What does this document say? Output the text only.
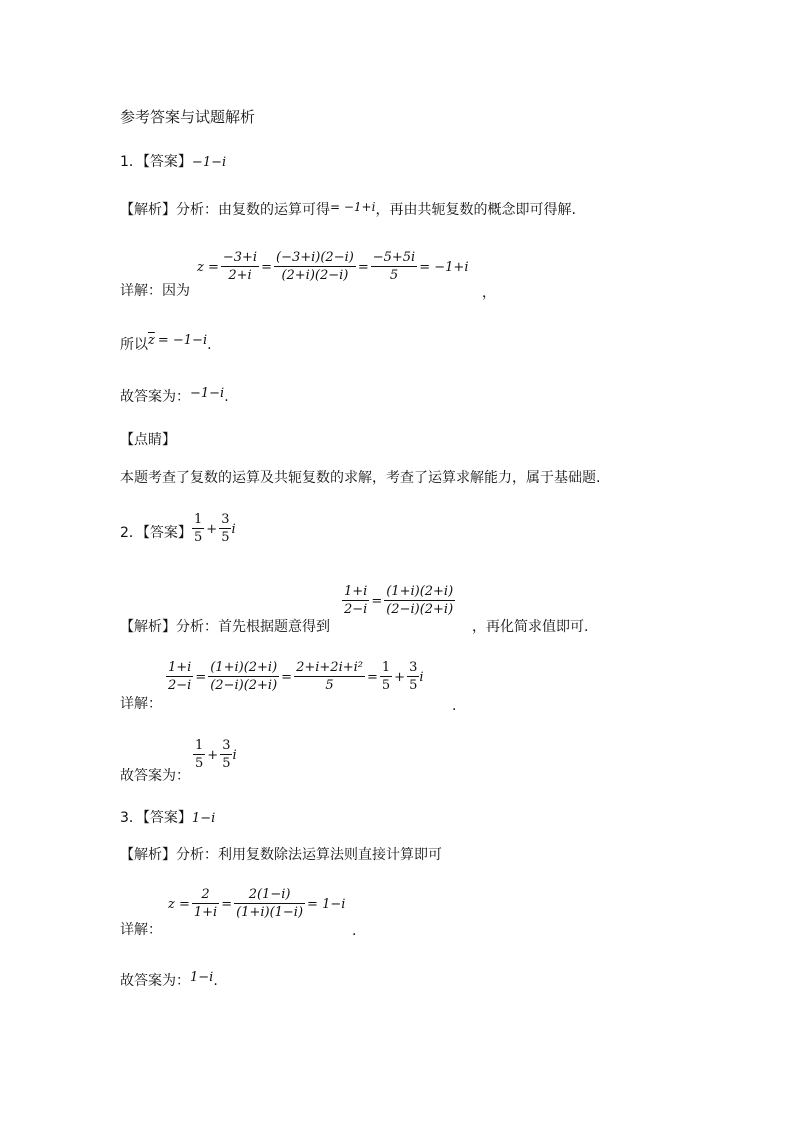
参考答案与试题解析
1．【答案】−1−i
【解析】分析：由复数的运算可得= −1+i，再由共轭复数的概念即可得解.
详解：因为
$z = \frac{-3+i}{2+i} = \frac{(-3+i)(2-i)}{(2+i)(2-i)} = \frac{-5+5i}{5} = -1+i$
，
所以$\overline{z} = -1-i$.
故答案为：−1−i.
【点睛】
本题考查了复数的运算及共轭复数的求解，考查了运算求解能力，属于基础题.
2．【答案】 $\frac{1}{5} + \frac{3}{5}$ i
【解析】分析：首先根据题意得到
$\frac{1+i}{2-i} = \frac{(1+i)(2+i)}{(2-i)(2+i)}$
，再化简求值即可.
详解：
$\frac{1+i}{2-i} = \frac{(1+i)(2+i)}{(2-i)(2+i)} = \frac{\text{2+i+2i+i²}}{5} = \frac{1}{5} + \frac{3}{5}$ i
.
故答案为：
$\frac{1}{5} + \frac{3}{5}$ i
3．【答案】1−i
【解析】分析：利用复数除法运算法则直接计算即可
详解：
$z = \frac{2}{1+i} = \frac{2(1-i)}{(1+i)(1-i)} = 1-i$
.
故答案为：1−i.
